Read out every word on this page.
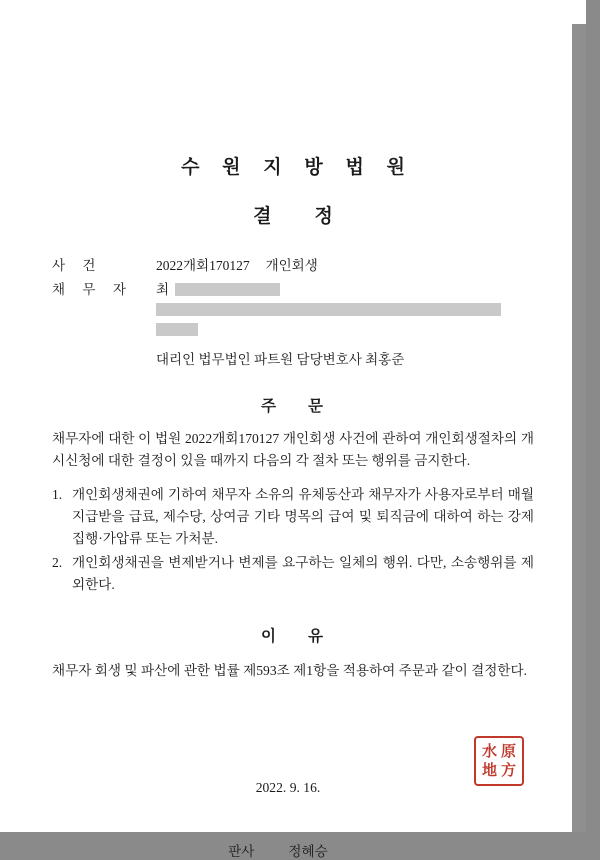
수 원 지 방 법 원
결 정
사 건	2022개회170127 개인회생
채 무 자	최
대리인 법무법인 파트원 담당변호사 최홍준
주 문
채무자에 대한 이 법원 2022개회170127 개인회생 사건에 관하여 개인회생절차의 개시신청에 대한 결정이 있을 때까지 다음의 각 절차 또는 행위를 금지한다.
1. 개인회생채권에 기하여 채무자 소유의 유체동산과 채무자가 사용자로부터 매월 지급받을 급료, 제수당, 상여금 기타 명목의 급여 및 퇴직금에 대하여 하는 강제집행·가압류 또는 가처분.
2. 개인회생채권을 변제받거나 변제를 요구하는 일체의 행위. 다만, 소송행위를 제외한다.
이 유
채무자 회생 및 파산에 관한 법률 제593조 제1항을 적용하여 주문과 같이 결정한다.
2022. 9. 16.
판사	정혜승
水 原
地 方
